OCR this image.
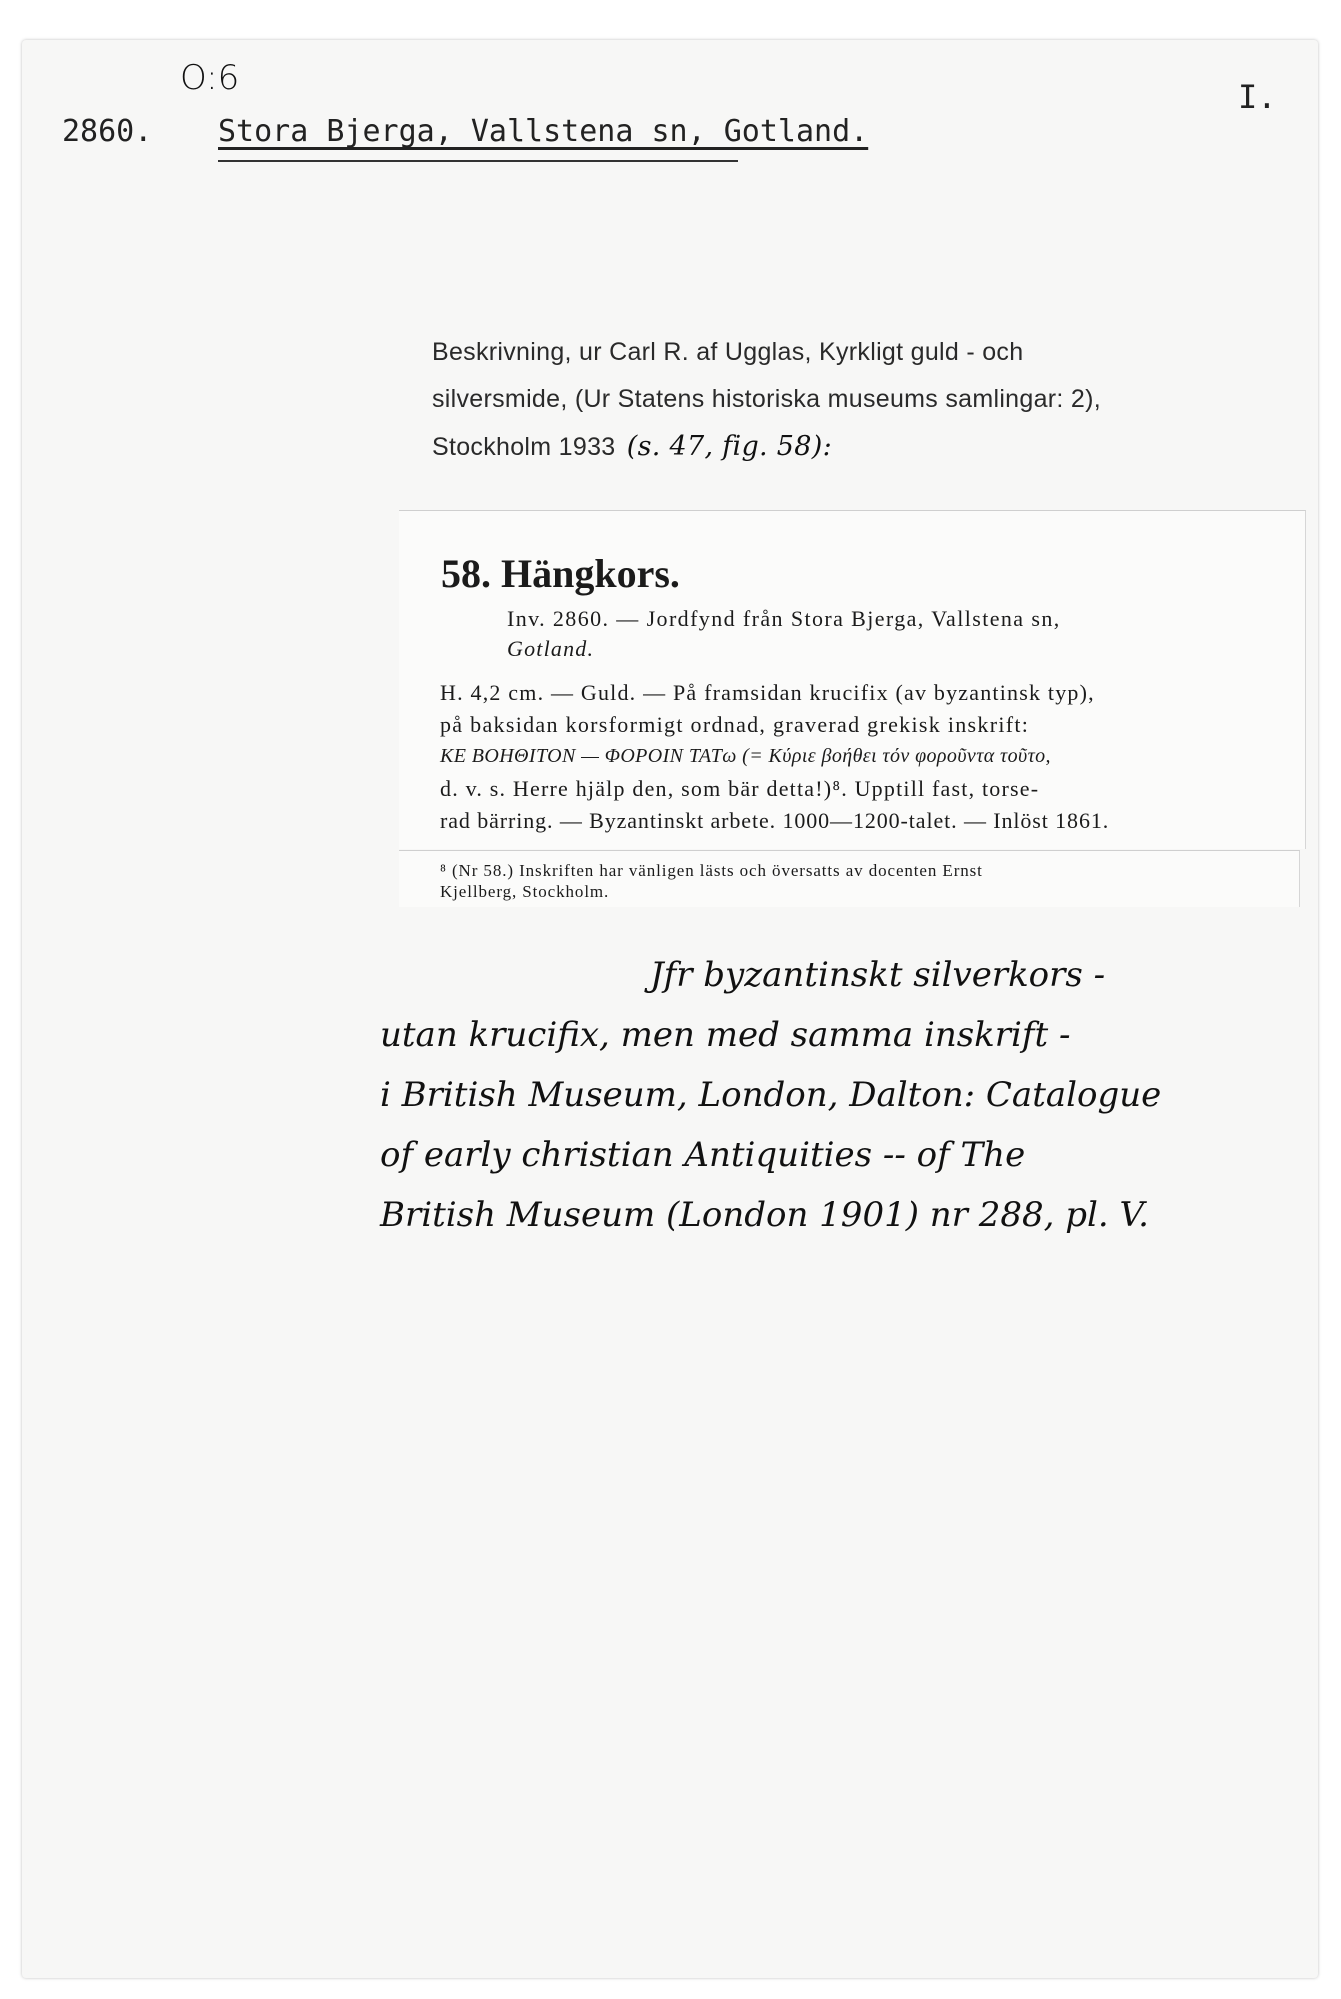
O:6	I.
2860. Stora Bjerga, Vallstena sn, Gotland.
Beskrivning, ur Carl R. af Ugglas, Kyrkligt guld - och
silversmide, (Ur Statens historiska museums samlingar: 2),
Stockholm 1933 (s. 47, fig. 58):
58. Hängkors.
Inv. 2860. — Jordfynd från Stora Bjerga, Vallstena sn,
Gotland.
H. 4,2 cm. — Guld. — På framsidan krucifix (av byzantinsk typ),
på baksidan korsformigt ordnad, graverad grekisk inskrift:
KE BOHΘITON — ΦOPOIN TATω (= Κύριε βοήθει τόν φοροῦντα τοῦτο,
d. v. s. Herre hjälp den, som bär detta!)⁸. Upptill fast, torse-
rad bärring. — Byzantinskt arbete. 1000—1200-talet. — Inlöst 1861.
⁸ (Nr 58.) Inskriften har vänligen lästs och översatts av docenten Ernst
Kjellberg, Stockholm.
Jfr byzantinskt silverkors -
utan krucifix, men med samma inskrift -
i British Museum, London, Dalton: Catalogue
of early christian Antiquities -- of The
British Museum (London 1901) nr 288, pl. V.
